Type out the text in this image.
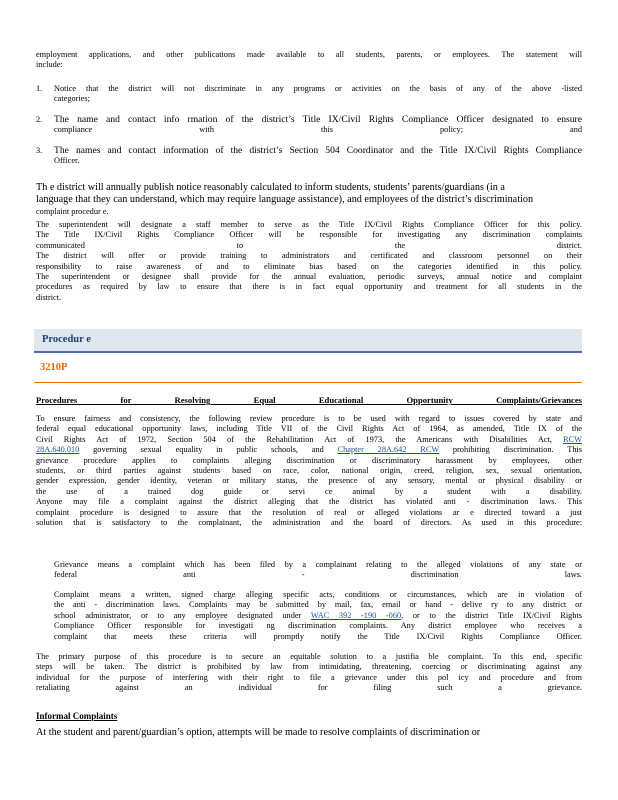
employment applications, and other publications made available to all students, parents, or employees. The statement will
include:
1. Notice that the district will not discriminate in any programs or activities on the basis of any of the above -listed
categories;
2. The name and contact info rmation of the district’s Title IX/Civil Rights Compliance Officer designated to ensure
compliance with this policy; and
3. The names and contact information of the district’s Section 504 Coordinator and the Title IX/Civil Rights Compliance
Officer.
Th e district will annually publish notice reasonably calculated to inform students, students’ parents/guardians (in a
language that they can understand, which may require language assistance), and employees of the district’s discrimination
complaint procedur e.
The superintendent will designate a staff member to serve as the Title IX/Civil Rights Compliance Officer for this policy.
The Title IX/Civil Rights Compliance Officer will be responsible for investigating any discrimination complaints
communicated to the district.
The district will offer or provide training to administrators and certificated and classroom personnel on their
responsibility to raise awareness of and to eliminate bias based on the categories identified in this policy.
The superintendent or designee shall provide for the annual evaluation, periodic surveys, annual notice and complaint
procedures as required by law to ensure that there is in fact equal opportunity and treatment for all students in the
district.
Procedur e
3210P
Procedures for Resolving Equal Educational Opportunity Complaints/Grievances
To ensure fairness and consistency, the following review procedure is to be used with regard to issues covered by state and
federal equal educational opportunity laws, including Title VII of the Civil Rights Act of 1964, as amended, Title IX of the
Civil Rights Act of 1972, Section 504 of the Rehabilitation Act of 1973, the Americans with Disabilities Act, RCW
28A.640.010 governing sexual equality in public schools, and Chapter 28A.642 RCW prohibiting discrimination. This
grievance procedure applies to complaints alleging discrimination or discriminatory harassment by employees, other
students, or third parties against students based on race, color, national origin, creed, religion, sex, sexual orientation,
gender expression, gender identity, veteran or military status, the presence of any sensory, mental or physical disability or
the use of a trained dog guide or servi ce animal by a student with a disability.
Anyone may file a complaint against the district alleging that the district has violated anti - discrimination laws. This
complaint procedure is designed to assure that the resolution of real or alleged violations ar e directed toward a just
solution that is satisfactory to the complainant, the administration and the board of directors. As used in this procedure:
Grievance means a complaint which has been filed by a complainant relating to the alleged violations of any state or
federal anti - discrimination laws.
Complaint means a written, signed charge alleging specific acts, conditions or circumstances, which are in violation of
the anti - discrimination laws. Complaints may be submitted by mail, fax, email or hand - delive ry to any district or
school administrator, or to any employee designated under WAC 392 -190 -060, or to the district Title IX/Civil Rights
Compliance Officer responsible for investigati ng discrimination complaints. Any district employee who receives a
complaint that meets these criteria will promptly notify the Title IX/Civil Rights Compliance Officer.
The primary purpose of this procedure is to secure an equitable solution to a justifia ble complaint. To this end, specific
steps will be taken. The district is prohibited by law from intimidating, threatening, coercing or discriminating against any
individual for the purpose of interfering with their right to file a grievance under this pol icy and procedure and from
retaliating against an individual for filing such a grievance.
Informal Complaints
At the student and parent/guardian’s option, attempts will be made to resolve complaints of discrimination or
